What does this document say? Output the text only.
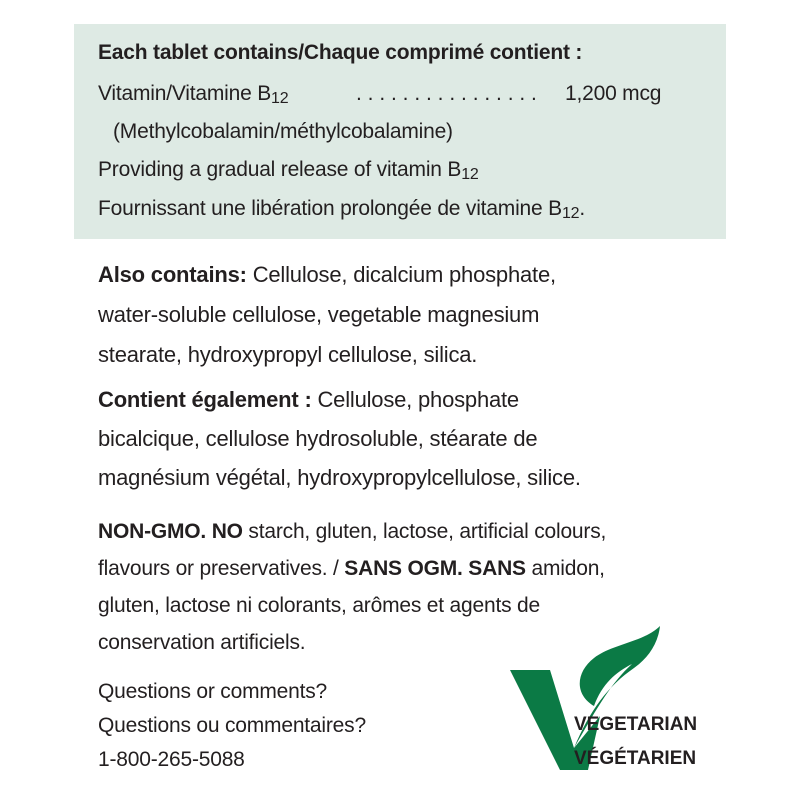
Each tablet contains/Chaque comprimé contient :
Vitamin/Vitamine B12	. . . . . . . . . . . . . . . . 1,200 mcg
(Methylcobalamin/méthylcobalamine)
Providing a gradual release of vitamin B12
Fournissant une libération prolongée de vitamine B12.
Also contains: Cellulose, dicalcium phosphate,
water-soluble cellulose, vegetable magnesium
stearate, hydroxypropyl cellulose, silica.
Contient également : Cellulose, phosphate
bicalcique, cellulose hydrosoluble, stéarate de
magnésium végétal, hydroxypropylcellulose, silice.
NON-GMO. NO starch, gluten, lactose, artificial colours,
flavours or preservatives. / SANS OGM. SANS amidon,
gluten, lactose ni colorants, arômes et agents de
conservation artificiels.
Questions or comments?
Questions ou commentaires?
1-800-265-5088
VEGETARIAN
VÉGÉTARIEN
